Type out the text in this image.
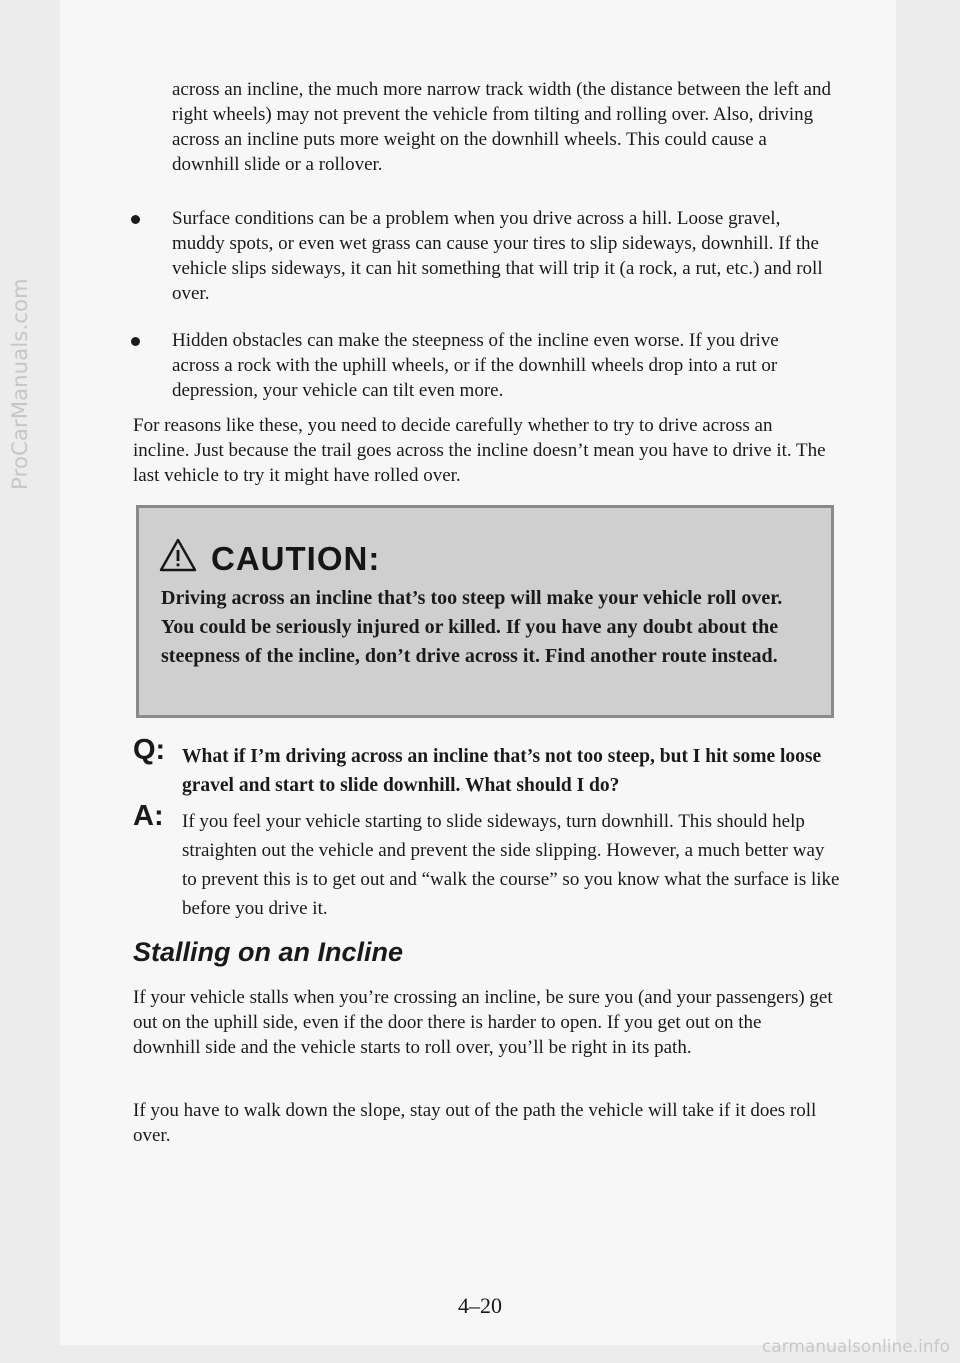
ProCarManuals.com

across an incline, the much more narrow track width (the distance between the left and right wheels) may not prevent the vehicle from tilting and rolling over. Also, driving across an incline puts more weight on the downhill wheels. This could cause a downhill slide or a rollover.

Surface conditions can be a problem when you drive across a hill. Loose gravel, muddy spots, or even wet grass can cause your tires to slip sideways, downhill. If the vehicle slips sideways, it can hit something that will trip it (a rock, a rut, etc.) and roll over.

Hidden obstacles can make the steepness of the incline even worse. If you drive across a rock with the uphill wheels, or if the downhill wheels drop into a rut or depression, your vehicle can tilt even more.

For reasons like these, you need to decide carefully whether to try to drive across an incline. Just because the trail goes across the incline doesn’t mean you have to drive it. The last vehicle to try it might have rolled over.

CAUTION:

Driving across an incline that’s too steep will make your vehicle roll over. You could be seriously injured or killed. If you have any doubt about the steepness of the incline, don’t drive across it. Find another route instead.

Q: What if I’m driving across an incline that’s not too steep, but I hit some loose gravel and start to slide downhill. What should I do?

A: If you feel your vehicle starting to slide sideways, turn downhill. This should help straighten out the vehicle and prevent the side slipping. However, a much better way to prevent this is to get out and “walk the course” so you know what the surface is like before you drive it.

Stalling on an Incline

If your vehicle stalls when you’re crossing an incline, be sure you (and your passengers) get out on the uphill side, even if the door there is harder to open. If you get out on the downhill side and the vehicle starts to roll over, you’ll be right in its path.

If you have to walk down the slope, stay out of the path the vehicle will take if it does roll over.

4–20

carmanualsonline.info
